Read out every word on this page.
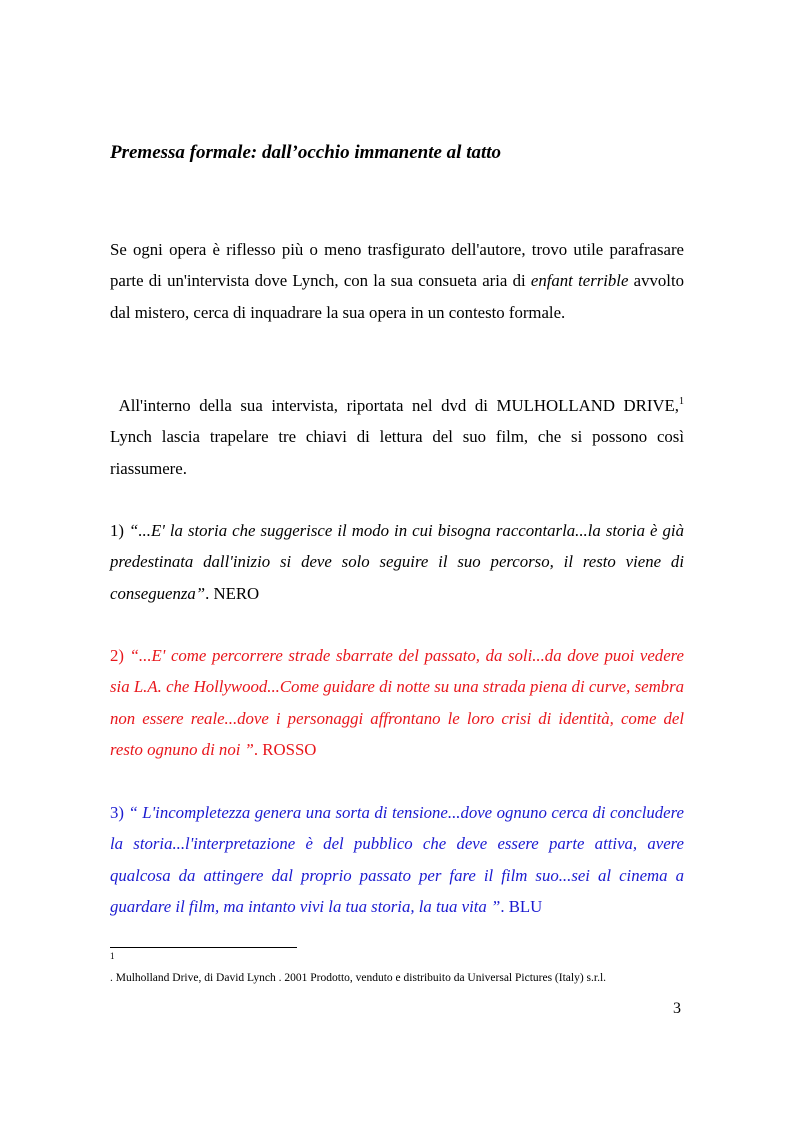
Premessa formale: dall’occhio immanente al tatto

Se ogni opera è riflesso più o meno trasfigurato dell'autore, trovo utile parafrasare parte di un'intervista dove Lynch, con la sua consueta aria di enfant terrible avvolto dal mistero, cerca di inquadrare la sua opera in un contesto formale.

All'interno della sua intervista, riportata nel dvd di MULHOLLAND DRIVE,$^1$ Lynch lascia trapelare tre chiavi di lettura del suo film, che si possono così riassumere.

1) “...E' la storia che suggerisce il modo in cui bisogna raccontarla...la storia è già predestinata dall'inizio si deve solo seguire il suo percorso, il resto viene di conseguenza”. NERO

2) “...E' come percorrere strade sbarrate del passato, da soli...da dove puoi vedere sia L.A. che Hollywood...Come guidare di notte su una strada piena di curve, sembra non essere reale...dove i personaggi affrontano le loro crisi di identità, come del resto ognuno di noi ”. ROSSO

3) “ L'incompletezza genera una sorta di tensione...dove ognuno cerca di concludere la storia...l'interpretazione è del pubblico che deve essere parte attiva, avere qualcosa da attingere dal proprio passato per fare il film suo...sei al cinema a guardare il film, ma intanto vivi la tua storia, la tua vita ”. BLU

1
. Mulholland Drive, di David Lynch . 2001 Prodotto, venduto e distribuito da Universal Pictures (Italy) s.r.l.
3
